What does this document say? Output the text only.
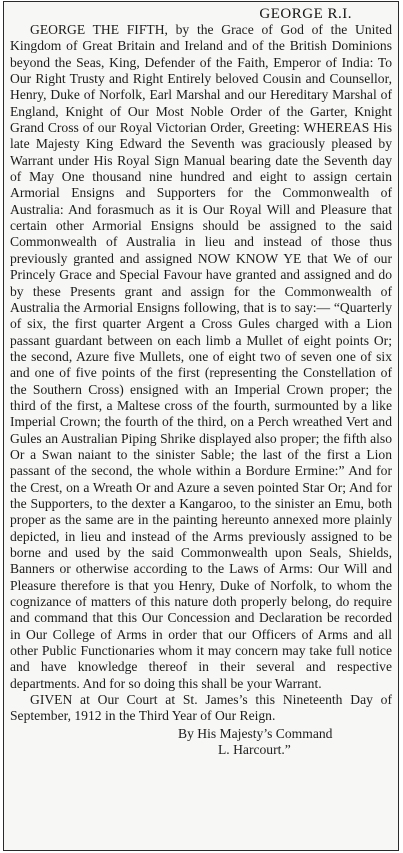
GEORGE R.I.

GEORGE THE FIFTH, by the Grace of God of the United Kingdom of Great Britain and Ireland and of the British Dominions beyond the Seas, King, Defender of the Faith, Emperor of India: To Our Right Trusty and Right Entirely beloved Cousin and Counsellor, Henry, Duke of Norfolk, Earl Marshal and our Hereditary Marshal of England, Knight of Our Most Noble Order of the Garter, Knight Grand Cross of our Royal Victorian Order, Greeting: WHEREAS His late Majesty King Edward the Seventh was graciously pleased by Warrant under His Royal Sign Manual bearing date the Seventh day of May One thousand nine hundred and eight to assign certain Armorial Ensigns and Supporters for the Commonwealth of Australia: And forasmuch as it is Our Royal Will and Pleasure that certain other Armorial Ensigns should be assigned to the said Commonwealth of Australia in lieu and instead of those thus previously granted and assigned NOW KNOW YE that We of our Princely Grace and Special Favour have granted and assigned and do by these Presents grant and assign for the Commonwealth of Australia the Armorial Ensigns following, that is to say:— “Quarterly of six, the first quarter Argent a Cross Gules charged with a Lion passant guardant between on each limb a Mullet of eight points Or; the second, Azure five Mullets, one of eight two of seven one of six and one of five points of the first (representing the Constellation of the Southern Cross) ensigned with an Imperial Crown proper; the third of the first, a Maltese cross of the fourth, surmounted by a like Imperial Crown; the fourth of the third, on a Perch wreathed Vert and Gules an Australian Piping Shrike displayed also proper; the fifth also Or a Swan naiant to the sinister Sable; the last of the first a Lion passant of the second, the whole within a Bordure Ermine:” And for the Crest, on a Wreath Or and Azure a seven pointed Star Or; And for the Supporters, to the dexter a Kangaroo, to the sinister an Emu, both proper as the same are in the painting hereunto annexed more plainly depicted, in lieu and instead of the Arms previously assigned to be borne and used by the said Commonwealth upon Seals, Shields, Banners or otherwise according to the Laws of Arms: Our Will and Pleasure therefore is that you Henry, Duke of Norfolk, to whom the cognizance of matters of this nature doth properly belong, do require and command that this Our Concession and Declaration be recorded in Our College of Arms in order that our Officers of Arms and all other Public Functionaries whom it may concern may take full notice and have knowledge thereof in their several and respective departments. And for so doing this shall be your Warrant.

GIVEN at Our Court at St. James’s this Nineteenth Day of September, 1912 in the Third Year of Our Reign.

By His Majesty’s Command

L. Harcourt.”
